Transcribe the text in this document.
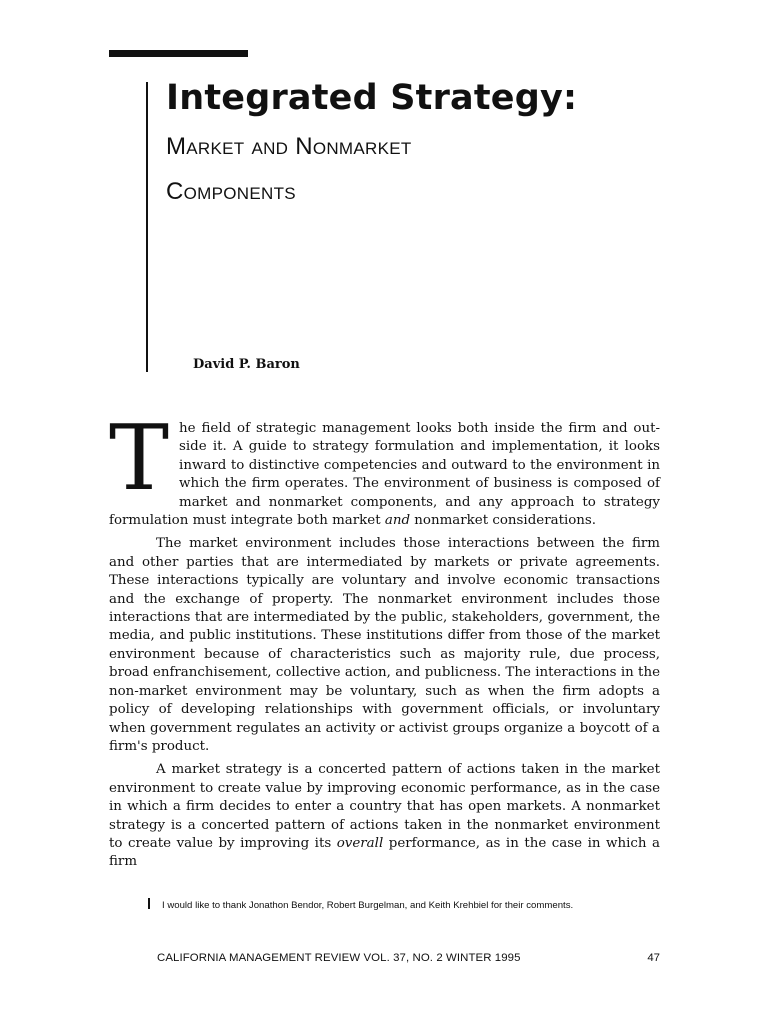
Integrated Strategy:
Market and Nonmarket
Components

David P. Baron

The field of strategic management looks both inside the firm and out-side it. A guide to strategy formulation and implementation, it looks inward to distinctive competencies and outward to the environment in which the firm operates. The environment of business is composed of market and nonmarket components, and any approach to strategy formulation must integrate both market and nonmarket considerations.

The market environment includes those interactions between the firm and other parties that are intermediated by markets or private agreements. These interactions typically are voluntary and involve economic transactions and the exchange of property. The nonmarket environment includes those interactions that are intermediated by the public, stakeholders, government, the media, and public institutions. These institutions differ from those of the market environment because of characteristics such as majority rule, due process, broad enfranchisement, collective action, and publicness. The interactions in the non-market environment may be voluntary, such as when the firm adopts a policy of developing relationships with government officials, or involuntary when government regulates an activity or activist groups organize a boycott of a firm's product.

A market strategy is a concerted pattern of actions taken in the market environment to create value by improving economic performance, as in the case in which a firm decides to enter a country that has open markets. A nonmarket strategy is a concerted pattern of actions taken in the nonmarket environment to create value by improving its overall performance, as in the case in which a firm

I would like to thank Jonathon Bendor, Robert Burgelman, and Keith Krehbiel for their comments.

CALIFORNIA MANAGEMENT REVIEW VOL. 37, NO. 2 WINTER 1995	47
